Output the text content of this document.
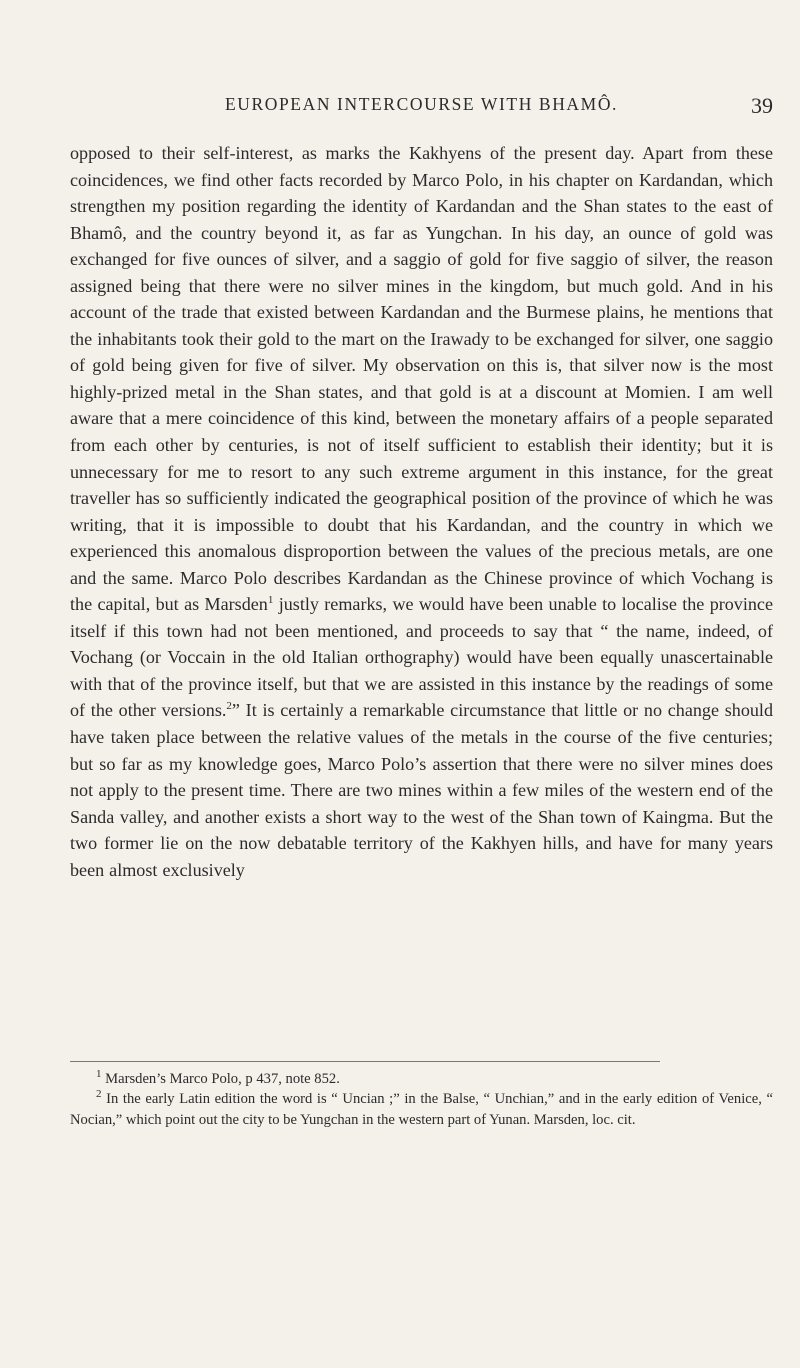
EUROPEAN INTERCOURSE WITH BHAMÔ.	39
opposed to their self-interest, as marks the Kakhyens of the present day. Apart from these coincidences, we find other facts recorded by Marco Polo, in his chapter on Kardandan, which strengthen my position regarding the identity of Kardandan and the Shan states to the east of Bhamô, and the country beyond it, as far as Yungchan. In his day, an ounce of gold was exchanged for five ounces of silver, and a saggio of gold for five saggio of silver, the reason assigned being that there were no silver mines in the kingdom, but much gold. And in his account of the trade that existed between Kardandan and the Burmese plains, he mentions that the inhabitants took their gold to the mart on the Irawady to be exchanged for silver, one saggio of gold being given for five of silver. My observation on this is, that silver now is the most highly-prized metal in the Shan states, and that gold is at a discount at Momien. I am well aware that a mere coincidence of this kind, between the monetary affairs of a people separated from each other by centuries, is not of itself sufficient to establish their identity; but it is unnecessary for me to resort to any such extreme argument in this instance, for the great traveller has so sufficiently indicated the geographical position of the province of which he was writing, that it is impossible to doubt that his Kardandan, and the country in which we experienced this anomalous disproportion between the values of the precious metals, are one and the same. Marco Polo describes Kardandan as the Chinese province of which Vochang is the capital, but as Marsden$^1$ justly remarks, we would have been unable to localise the province itself if this town had not been mentioned, and proceeds to say that “ the name, indeed, of Vochang (or Voccain in the old Italian orthography) would have been equally unascertainable with that of the province itself, but that we are assisted in this instance by the readings of some of the other versions.$^2$” It is certainly a remarkable circumstance that little or no change should have taken place between the relative values of the metals in the course of the five centuries; but so far as my knowledge goes, Marco Polo’s assertion that there were no silver mines does not apply to the present time. There are two mines within a few miles of the western end of the Sanda valley, and another exists a short way to the west of the Shan town of Kaingma. But the two former lie on the now debatable territory of the Kakhyen hills, and have for many years been almost exclusively

$^1$ Marsden’s Marco Polo, p 437, note 852.

$^2$ In the early Latin edition the word is “ Uncian ;” in the Balse, “ Unchian,” and in the early edition of Venice, “ Nocian,” which point out the city to be Yungchan in the western part of Yunan. Marsden, loc. cit.
